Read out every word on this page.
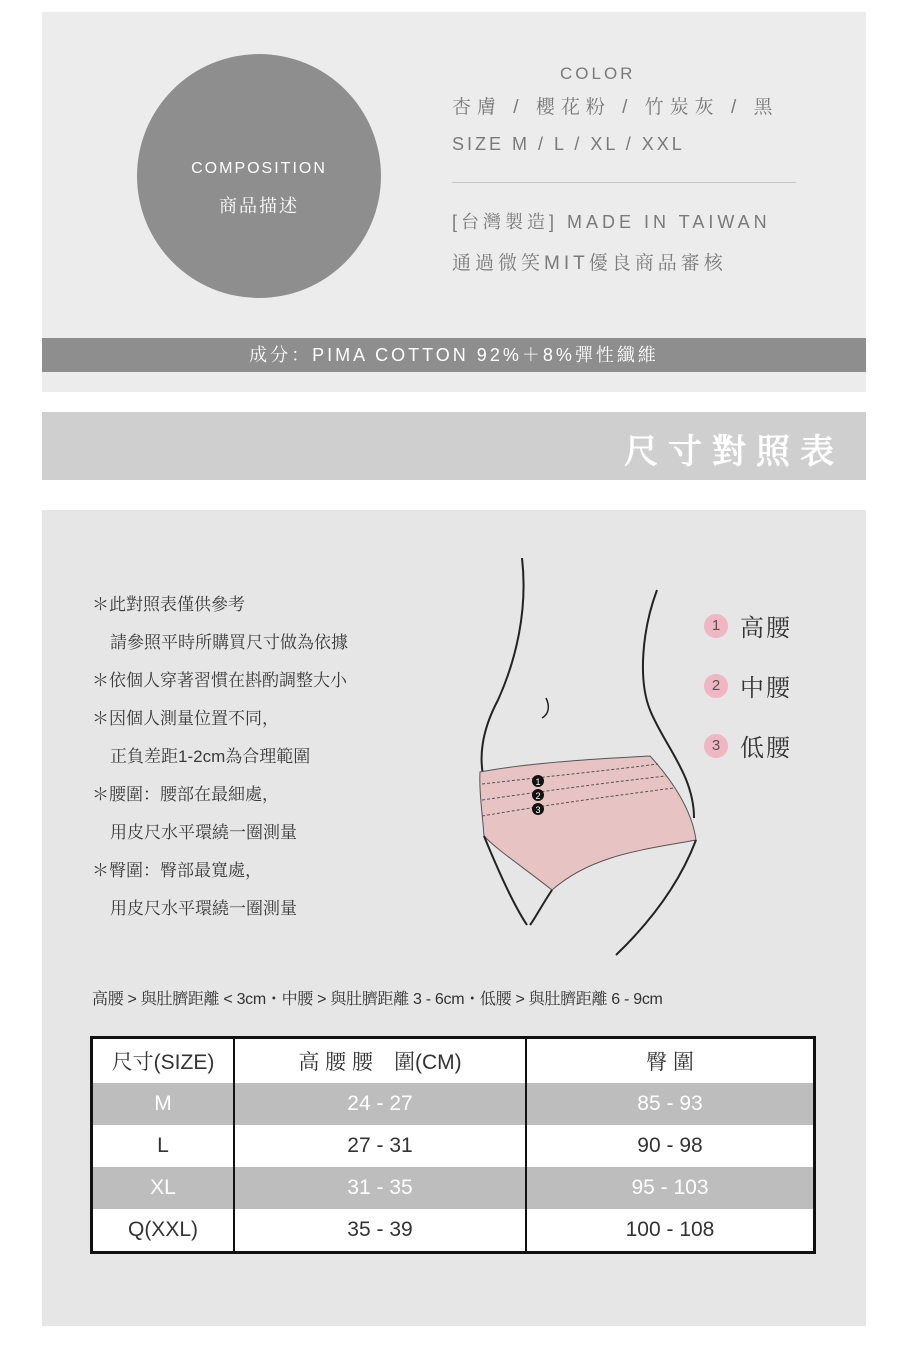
COMPOSITION
商品描述
COLOR
杏膚 / 櫻花粉 / 竹炭灰 / 黑
SIZE M / L / XL / XXL
[台灣製造] MADE IN TAIWAN
通過微笑MIT優良商品審核
成分：PIMA COTTON 92%＋8%彈性纖維
尺寸對照表
＊此對照表僅供參考
請參照平時所購買尺寸做為依據
＊依個人穿著習慣在斟酌調整大小
＊因個人測量位置不同，
正負差距1-2cm為合理範圍
＊腰圍：腰部在最細處，
用皮尺水平環繞一圈測量
＊臀圍：臀部最寬處，
用皮尺水平環繞一圈測量
1
2
3
1 高腰
2 中腰
3 低腰
高腰 > 與肚臍距離 < 3cm・中腰 > 與肚臍距離 3 - 6cm・低腰 > 與肚臍距離 6 - 9cm
尺寸(SIZE)	高 腰 腰　圍(CM)	臀 圍
M	24 - 27	85 - 93
L	27 - 31	90 - 98
XL	31 - 35	95 - 103
Q(XXL)	35 - 39	100 - 108
